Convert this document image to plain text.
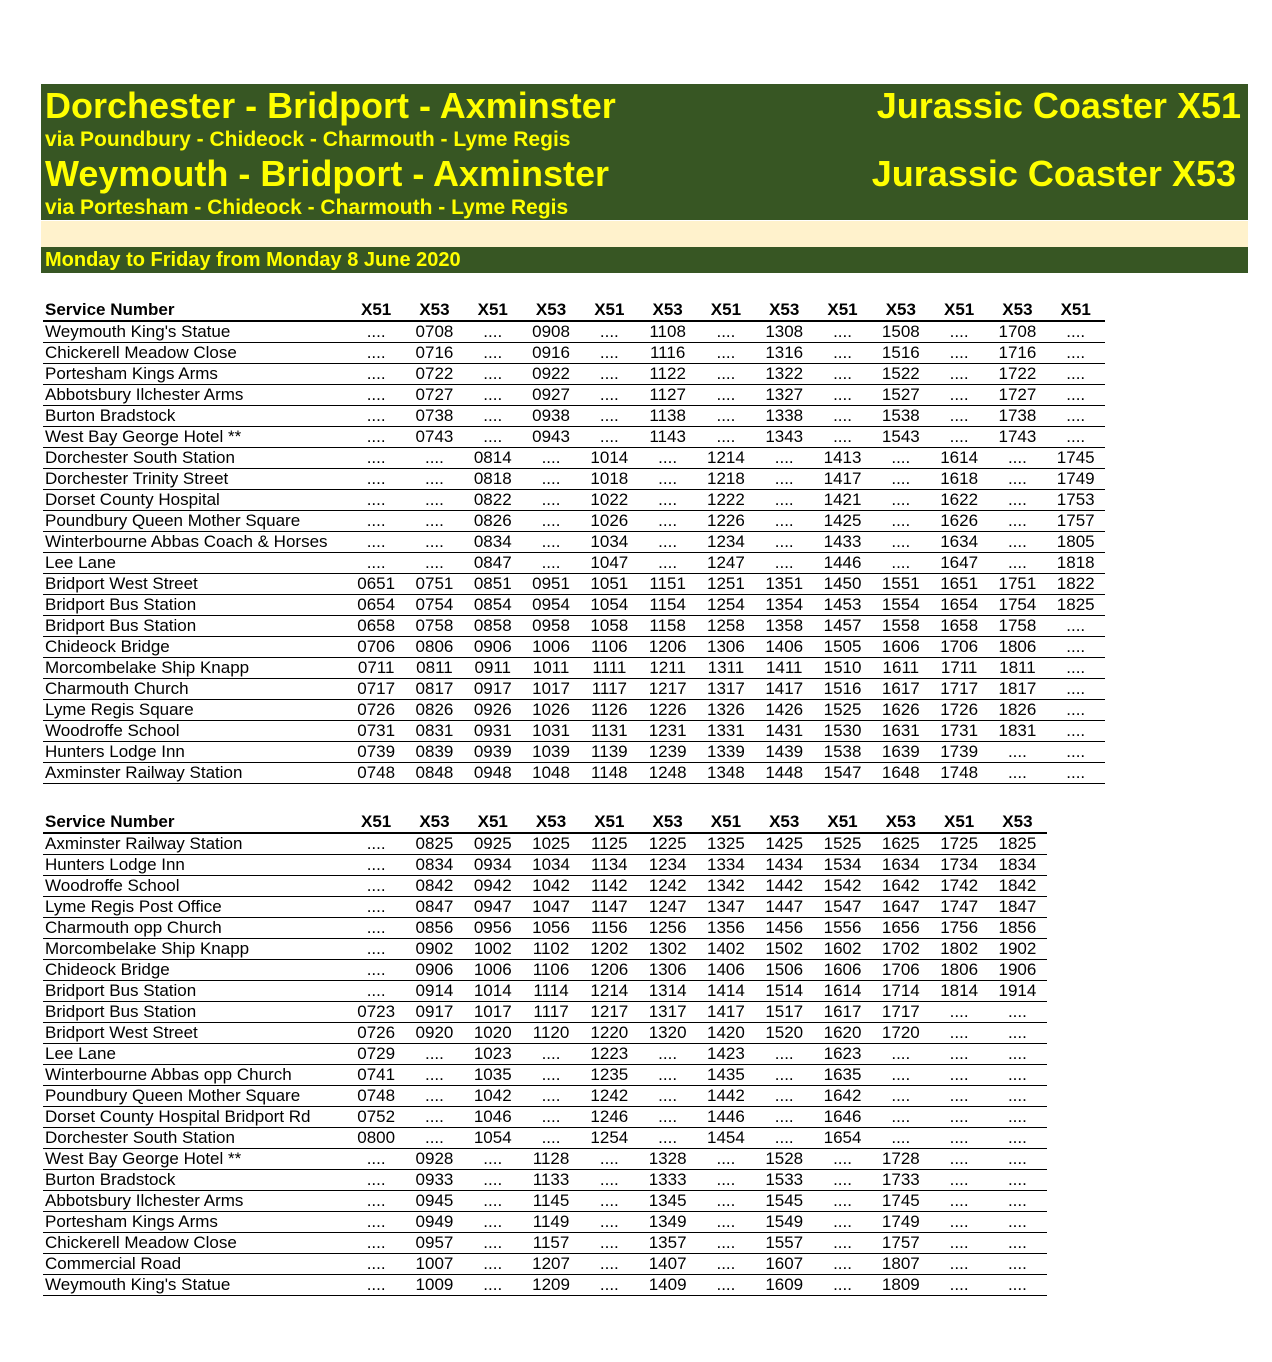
Dorchester - Bridport - Axminster
via Poundbury - Chideock - Charmouth - Lyme Regis
Jurassic Coaster X51
Weymouth - Bridport - Axminster
via Portesham - Chideock - Charmouth - Lyme Regis
Jurassic Coaster X53
Monday to Friday from Monday 8 June 2020
Service Number	X51	X53	X51	X53	X51	X53	X51	X53	X51	X53	X51	X53	X51
Weymouth King's Statue	....	0708	....	0908	....	1108	....	1308	....	1508	....	1708	....
Chickerell Meadow Close	....	0716	....	0916	....	1116	....	1316	....	1516	....	1716	....
Portesham Kings Arms	....	0722	....	0922	....	1122	....	1322	....	1522	....	1722	....
Abbotsbury Ilchester Arms	....	0727	....	0927	....	1127	....	1327	....	1527	....	1727	....
Burton Bradstock	....	0738	....	0938	....	1138	....	1338	....	1538	....	1738	....
West Bay George Hotel **	....	0743	....	0943	....	1143	....	1343	....	1543	....	1743	....
Dorchester South Station	....	....	0814	....	1014	....	1214	....	1413	....	1614	....	1745
Dorchester Trinity Street	....	....	0818	....	1018	....	1218	....	1417	....	1618	....	1749
Dorset County Hospital	....	....	0822	....	1022	....	1222	....	1421	....	1622	....	1753
Poundbury Queen Mother Square	....	....	0826	....	1026	....	1226	....	1425	....	1626	....	1757
Winterbourne Abbas Coach & Horses	....	....	0834	....	1034	....	1234	....	1433	....	1634	....	1805
Lee Lane	....	....	0847	....	1047	....	1247	....	1446	....	1647	....	1818
Bridport West Street	0651	0751	0851	0951	1051	1151	1251	1351	1450	1551	1651	1751	1822
Bridport Bus Station	0654	0754	0854	0954	1054	1154	1254	1354	1453	1554	1654	1754	1825
Bridport Bus Station	0658	0758	0858	0958	1058	1158	1258	1358	1457	1558	1658	1758	....
Chideock Bridge	0706	0806	0906	1006	1106	1206	1306	1406	1505	1606	1706	1806	....
Morcombelake Ship Knapp	0711	0811	0911	1011	1111	1211	1311	1411	1510	1611	1711	1811	....
Charmouth Church	0717	0817	0917	1017	1117	1217	1317	1417	1516	1617	1717	1817	....
Lyme Regis Square	0726	0826	0926	1026	1126	1226	1326	1426	1525	1626	1726	1826	....
Woodroffe School	0731	0831	0931	1031	1131	1231	1331	1431	1530	1631	1731	1831	....
Hunters Lodge Inn	0739	0839	0939	1039	1139	1239	1339	1439	1538	1639	1739	....	....
Axminster Railway Station	0748	0848	0948	1048	1148	1248	1348	1448	1547	1648	1748	....	....
Service Number	X51	X53	X51	X53	X51	X53	X51	X53	X51	X53	X51	X53
Axminster Railway Station	....	0825	0925	1025	1125	1225	1325	1425	1525	1625	1725	1825
Hunters Lodge Inn	....	0834	0934	1034	1134	1234	1334	1434	1534	1634	1734	1834
Woodroffe School	....	0842	0942	1042	1142	1242	1342	1442	1542	1642	1742	1842
Lyme Regis Post Office	....	0847	0947	1047	1147	1247	1347	1447	1547	1647	1747	1847
Charmouth opp Church	....	0856	0956	1056	1156	1256	1356	1456	1556	1656	1756	1856
Morcombelake Ship Knapp	....	0902	1002	1102	1202	1302	1402	1502	1602	1702	1802	1902
Chideock Bridge	....	0906	1006	1106	1206	1306	1406	1506	1606	1706	1806	1906
Bridport Bus Station	....	0914	1014	1114	1214	1314	1414	1514	1614	1714	1814	1914
Bridport Bus Station	0723	0917	1017	1117	1217	1317	1417	1517	1617	1717	....	....
Bridport West Street	0726	0920	1020	1120	1220	1320	1420	1520	1620	1720	....	....
Lee Lane	0729	....	1023	....	1223	....	1423	....	1623	....	....	....
Winterbourne Abbas opp Church	0741	....	1035	....	1235	....	1435	....	1635	....	....	....
Poundbury Queen Mother Square	0748	....	1042	....	1242	....	1442	....	1642	....	....	....
Dorset County Hospital Bridport Rd	0752	....	1046	....	1246	....	1446	....	1646	....	....	....
Dorchester South Station	0800	....	1054	....	1254	....	1454	....	1654	....	....	....
West Bay George Hotel **	....	0928	....	1128	....	1328	....	1528	....	1728	....	....
Burton Bradstock	....	0933	....	1133	....	1333	....	1533	....	1733	....	....
Abbotsbury Ilchester Arms	....	0945	....	1145	....	1345	....	1545	....	1745	....	....
Portesham Kings Arms	....	0949	....	1149	....	1349	....	1549	....	1749	....	....
Chickerell Meadow Close	....	0957	....	1157	....	1357	....	1557	....	1757	....	....
Commercial Road	....	1007	....	1207	....	1407	....	1607	....	1807	....	....
Weymouth King's Statue	....	1009	....	1209	....	1409	....	1609	....	1809	....	....
